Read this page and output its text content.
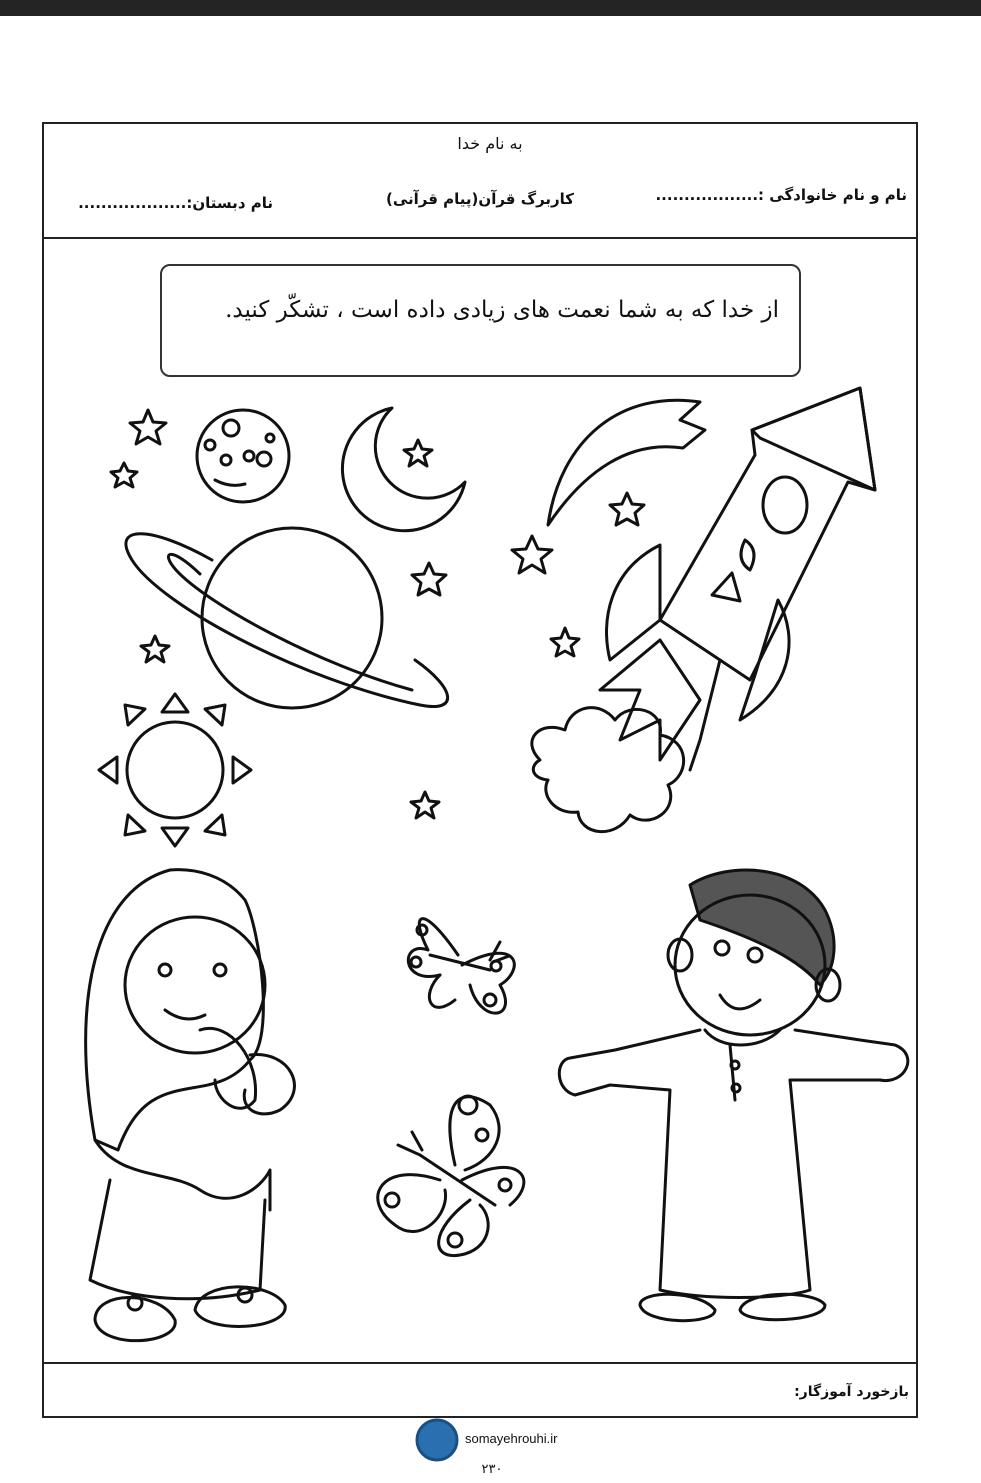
به نام خدا
نام و نام خانوادگی :..................
کاربرگ قرآن(پیام قرآنی)
نام دبستان:...................
از خدا که به شما نعمت های زیادی داده است ، تشکّر کنید.
بازخورد آموزگار:
somayehrouhi.ir
۲۳۰
